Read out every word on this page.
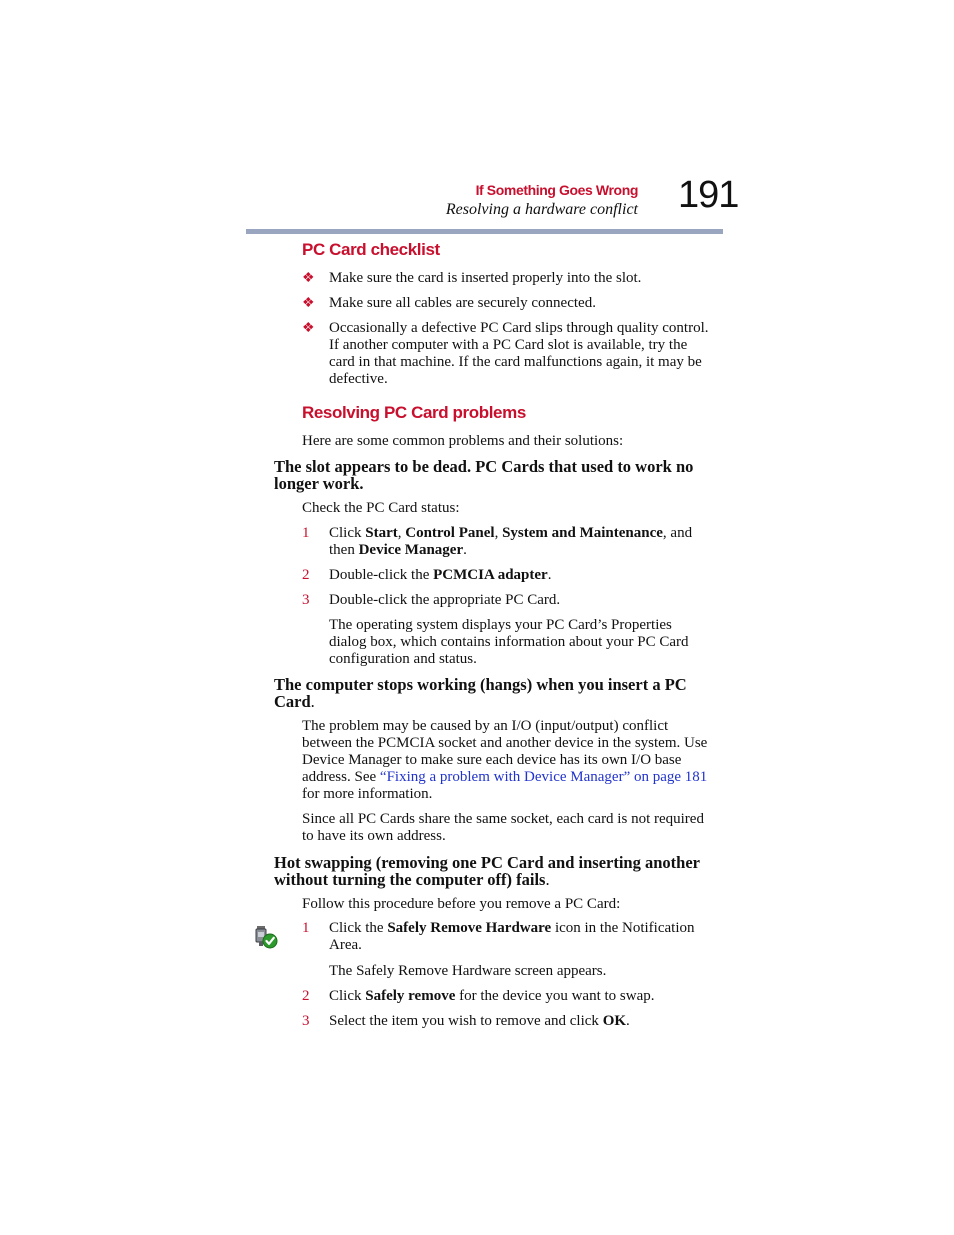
If Something Goes Wrong
Resolving a hardware conflict 191
PC Card checklist
❖ Make sure the card is inserted properly into the slot.
❖ Make sure all cables are securely connected.
❖ Occasionally a defective PC Card slips through quality control.
If another computer with a PC Card slot is available, try the
card in that machine. If the card malfunctions again, it may be
defective.
Resolving PC Card problems
Here are some common problems and their solutions:
The slot appears to be dead. PC Cards that used to work no
longer work.
Check the PC Card status:
1 Click Start, Control Panel, System and Maintenance, and
then Device Manager.
2 Double-click the PCMCIA adapter.
3 Double-click the appropriate PC Card.
The operating system displays your PC Card’s Properties
dialog box, which contains information about your PC Card
configuration and status.
The computer stops working (hangs) when you insert a PC
Card.
The problem may be caused by an I/O (input/output) conflict
between the PCMCIA socket and another device in the system. Use
Device Manager to make sure each device has its own I/O base
address. See “Fixing a problem with Device Manager” on page 181
for more information.
Since all PC Cards share the same socket, each card is not required
to have its own address.
Hot swapping (removing one PC Card and inserting another
without turning the computer off) fails.
Follow this procedure before you remove a PC Card:
1 Click the Safely Remove Hardware icon in the Notification
Area.
The Safely Remove Hardware screen appears.
2 Click Safely remove for the device you want to swap.
3 Select the item you wish to remove and click OK.
